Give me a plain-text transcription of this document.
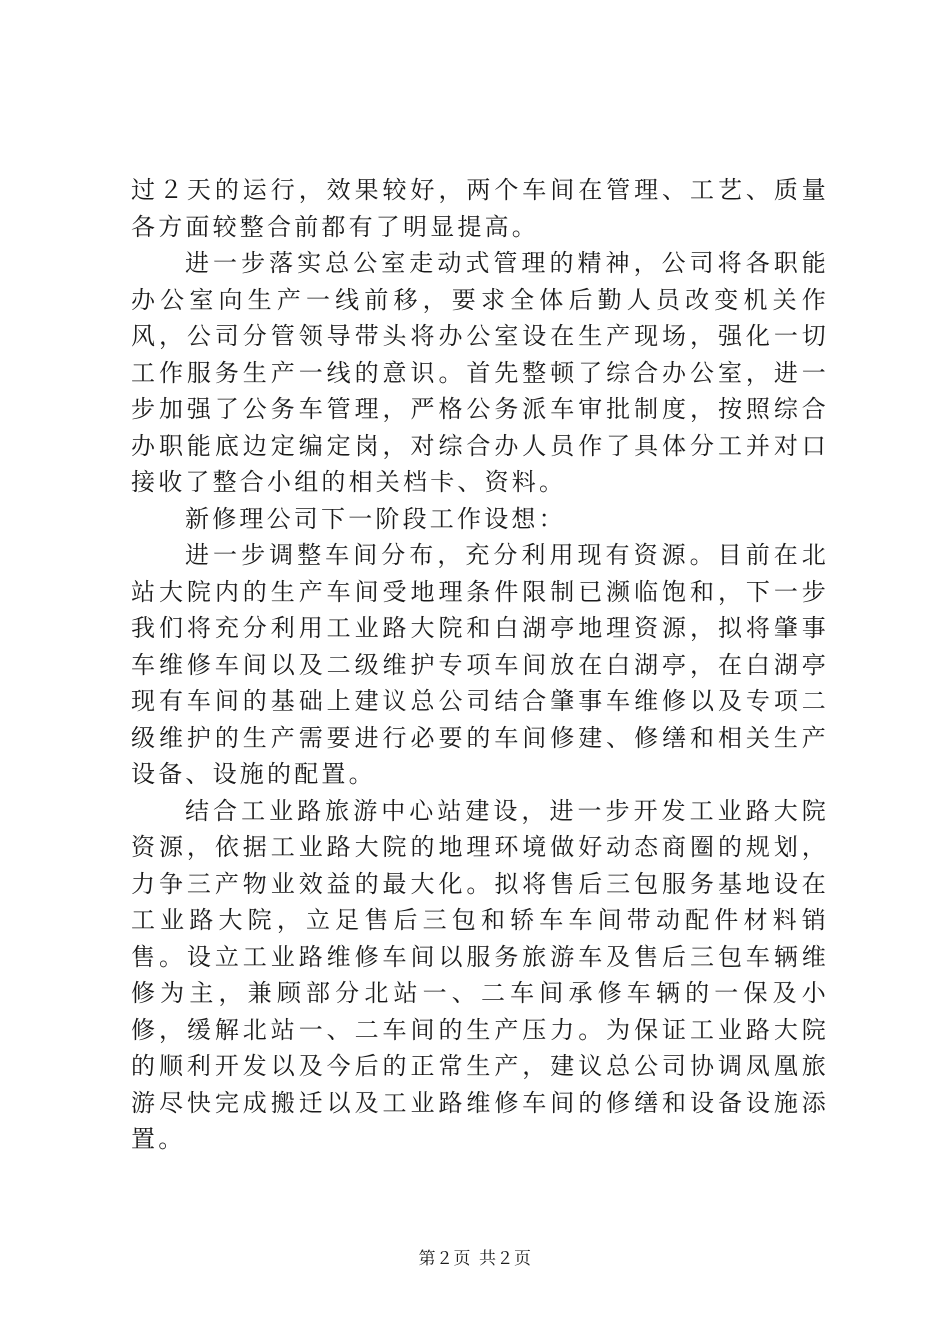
过２天的运行，效果较好，两个车间在管理、工艺、质量各方面较整合前都有了明显提高。

进一步落实总公室走动式管理的精神，公司将各职能办公室向生产一线前移，要求全体后勤人员改变机关作风，公司分管领导带头将办公室设在生产现场，强化一切工作服务生产一线的意识。首先整顿了综合办公室，进一步加强了公务车管理，严格公务派车审批制度，按照综合办职能底边定编定岗，对综合办人员作了具体分工并对口接收了整合小组的相关档卡、资料。

新修理公司下一阶段工作设想：

进一步调整车间分布，充分利用现有资源。目前在北站大院内的生产车间受地理条件限制已濒临饱和，下一步我们将充分利用工业路大院和白湖亭地理资源，拟将肇事车维修车间以及二级维护专项车间放在白湖亭，在白湖亭现有车间的基础上建议总公司结合肇事车维修以及专项二级维护的生产需要进行必要的车间修建、修缮和相关生产设备、设施的配置。

结合工业路旅游中心站建设，进一步开发工业路大院资源，依据工业路大院的地理环境做好动态商圈的规划，力争三产物业效益的最大化。拟将售后三包服务基地设在工业路大院，立足售后三包和轿车车间带动配件材料销售。设立工业路维修车间以服务旅游车及售后三包车辆维修为主，兼顾部分北站一、二车间承修车辆的一保及小修，缓解北站一、二车间的生产压力。为保证工业路大院的顺利开发以及今后的正常生产，建议总公司协调凤凰旅游尽快完成搬迁以及工业路维修车间的修缮和设备设施添置。

第２页 共２页
